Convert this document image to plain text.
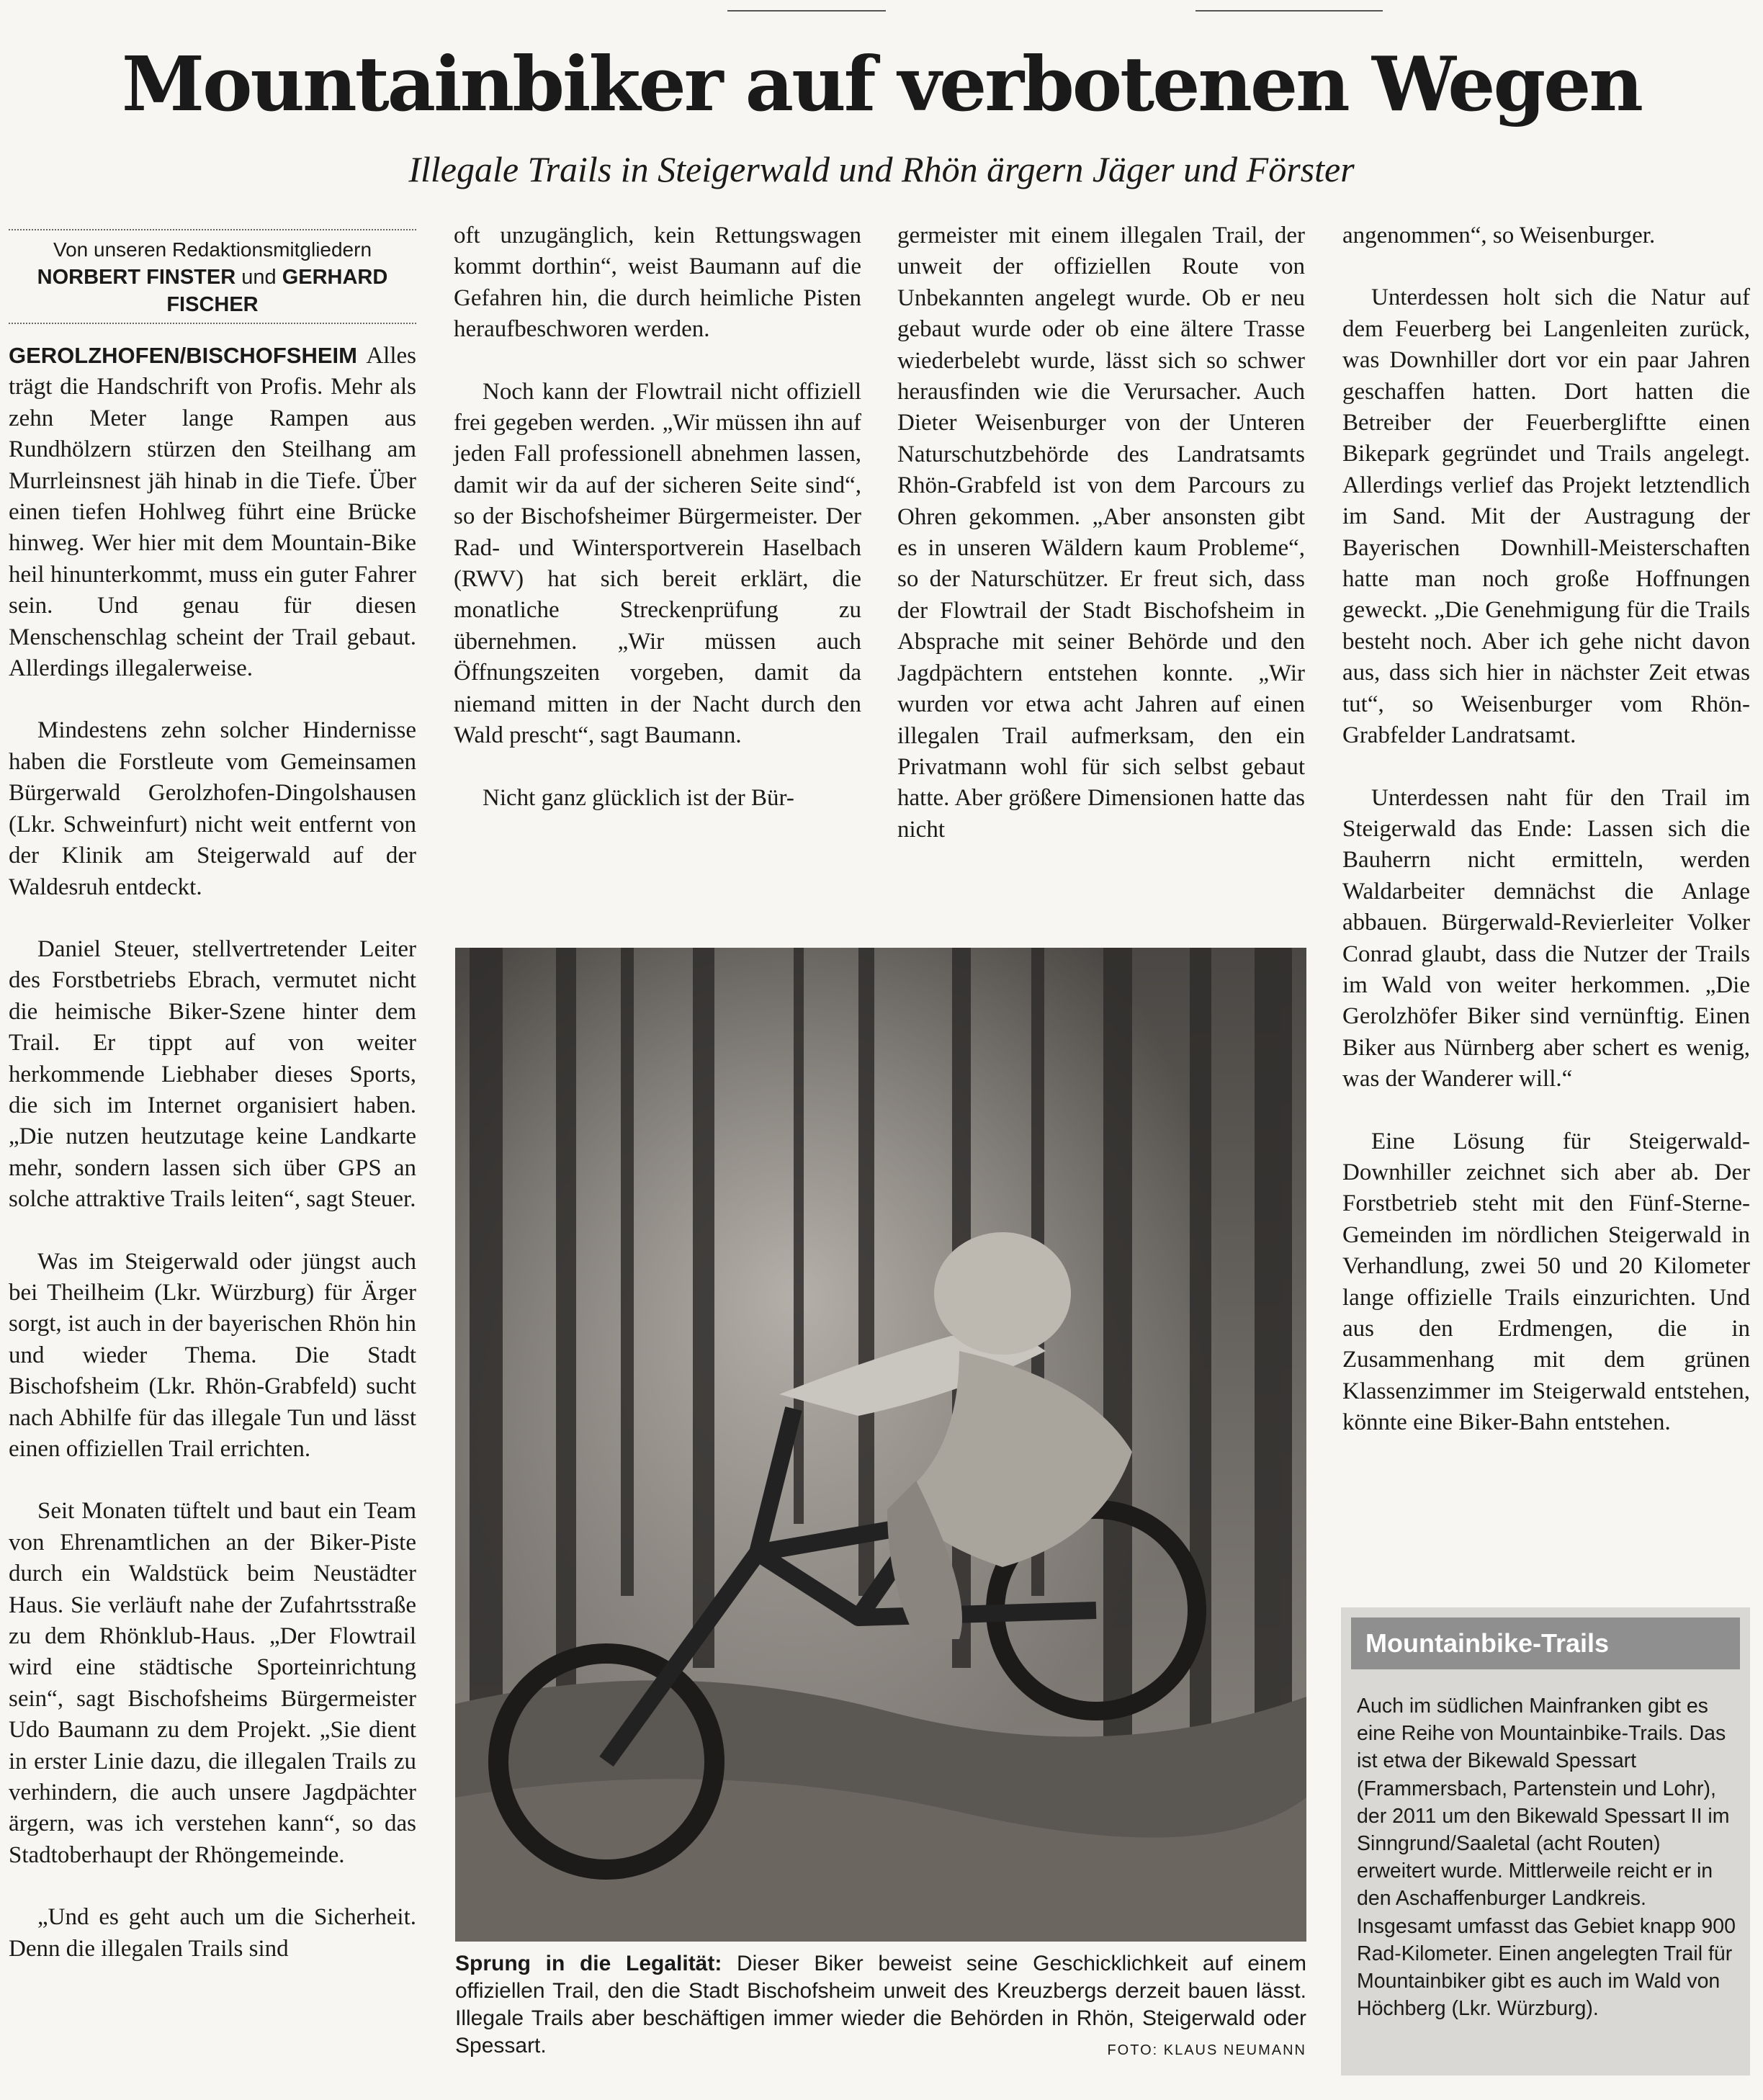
Mountainbiker auf verbotenen Wegen
Illegale Trails in Steigerwald und Rhön ärgern Jäger und Förster
Von unseren Redaktionsmitgliedern
NORBERT FINSTER und GERHARD FISCHER

GEROLZHOFEN/BISCHOFSHEIM Alles trägt die Handschrift von Profis. Mehr als zehn Meter lange Rampen aus Rundhölzern stürzen den Steilhang am Murrleinsnest jäh hinab in die Tiefe. Über einen tiefen Hohlweg führt eine Brücke hinweg. Wer hier mit dem Mountain-Bike heil hinunterkommt, muss ein guter Fahrer sein. Und genau für diesen Menschenschlag scheint der Trail gebaut. Allerdings illegalerweise.

Mindestens zehn solcher Hindernisse haben die Forstleute vom Gemeinsamen Bürgerwald Gerolzhofen-Dingolshausen (Lkr. Schweinfurt) nicht weit entfernt von der Klinik am Steigerwald auf der Waldesruh entdeckt.

Daniel Steuer, stellvertretender Leiter des Forstbetriebs Ebrach, vermutet nicht die heimische Biker-Szene hinter dem Trail. Er tippt auf von weiter herkommende Liebhaber dieses Sports, die sich im Internet organisiert haben. „Die nutzen heutzutage keine Landkarte mehr, sondern lassen sich über GPS an solche attraktive Trails leiten“, sagt Steuer.

Was im Steigerwald oder jüngst auch bei Theilheim (Lkr. Würzburg) für Ärger sorgt, ist auch in der bayerischen Rhön hin und wieder Thema. Die Stadt Bischofsheim (Lkr. Rhön-Grabfeld) sucht nach Abhilfe für das illegale Tun und lässt einen offiziellen Trail errichten.

Seit Monaten tüftelt und baut ein Team von Ehrenamtlichen an der Biker-Piste durch ein Waldstück beim Neustädter Haus. Sie verläuft nahe der Zufahrtsstraße zu dem Rhönklub-Haus. „Der Flowtrail wird eine städtische Sporteinrichtung sein“, sagt Bischofsheims Bürgermeister Udo Baumann zu dem Projekt. „Sie dient in erster Linie dazu, die illegalen Trails zu verhindern, die auch unsere Jagdpächter ärgern, was ich verstehen kann“, so das Stadtoberhaupt der Rhöngemeinde.

„Und es geht auch um die Sicherheit. Denn die illegalen Trails sind

oft unzugänglich, kein Rettungswagen kommt dorthin“, weist Baumann auf die Gefahren hin, die durch heimliche Pisten heraufbeschworen werden.

Noch kann der Flowtrail nicht offiziell frei gegeben werden. „Wir müssen ihn auf jeden Fall professionell abnehmen lassen, damit wir da auf der sicheren Seite sind“, so der Bischofsheimer Bürgermeister. Der Rad- und Wintersportverein Haselbach (RWV) hat sich bereit erklärt, die monatliche Streckenprüfung zu übernehmen. „Wir müssen auch Öffnungszeiten vorgeben, damit da niemand mitten in der Nacht durch den Wald prescht“, sagt Baumann.

Nicht ganz glücklich ist der Bür-

germeister mit einem illegalen Trail, der unweit der offiziellen Route von Unbekannten angelegt wurde. Ob er neu gebaut wurde oder ob eine ältere Trasse wiederbelebt wurde, lässt sich so schwer herausfinden wie die Verursacher. Auch Dieter Weisenburger von der Unteren Naturschutzbehörde des Landratsamts Rhön-Grabfeld ist von dem Parcours zu Ohren gekommen. „Aber ansonsten gibt es in unseren Wäldern kaum Probleme“, so der Naturschützer. Er freut sich, dass der Flowtrail der Stadt Bischofsheim in Absprache mit seiner Behörde und den Jagdpächtern entstehen konnte. „Wir wurden vor etwa acht Jahren auf einen illegalen Trail aufmerksam, den ein Privatmann wohl für sich selbst gebaut hatte. Aber größere Dimensionen hatte das nicht

angenommen“, so Weisenburger.

Unterdessen holt sich die Natur auf dem Feuerberg bei Langenleiten zurück, was Downhiller dort vor ein paar Jahren geschaffen hatten. Dort hatten die Betreiber der Feuerbergliftte einen Bikepark gegründet und Trails angelegt. Allerdings verlief das Projekt letztendlich im Sand. Mit der Austragung der Bayerischen Downhill-Meisterschaften hatte man noch große Hoffnungen geweckt. „Die Genehmigung für die Trails besteht noch. Aber ich gehe nicht davon aus, dass sich hier in nächster Zeit etwas tut“, so Weisenburger vom Rhön-Grabfelder Landratsamt.

Unterdessen naht für den Trail im Steigerwald das Ende: Lassen sich die Bauherrn nicht ermitteln, werden Waldarbeiter demnächst die Anlage abbauen. Bürgerwald-Revierleiter Volker Conrad glaubt, dass die Nutzer der Trails im Wald von weiter herkommen. „Die Gerolzhöfer Biker sind vernünftig. Einen Biker aus Nürnberg aber schert es wenig, was der Wanderer will.“

Eine Lösung für Steigerwald-Downhiller zeichnet sich aber ab. Der Forstbetrieb steht mit den Fünf-Sterne-Gemeinden im nördlichen Steigerwald in Verhandlung, zwei 50 und 20 Kilometer lange offizielle Trails einzurichten. Und aus den Erdmengen, die in Zusammenhang mit dem grünen Klassenzimmer im Steigerwald entstehen, könnte eine Biker-Bahn entstehen.

Sprung in die Legalität: Dieser Biker beweist seine Geschicklichkeit auf einem offiziellen Trail, den die Stadt Bischofsheim unweit des Kreuzbergs derzeit bauen lässt. Illegale Trails aber beschäftigen immer wieder die Behörden in Rhön, Steigerwald oder Spessart.	FOTO: KLAUS NEUMANN
Mountainbike-Trails
Auch im südlichen Mainfranken gibt es eine Reihe von Mountainbike-Trails. Das ist etwa der Bikewald Spessart (Frammersbach, Partenstein und Lohr), der 2011 um den Bikewald Spessart II im Sinngrund/Saaletal (acht Routen) erweitert wurde. Mittlerweile reicht er in den Aschaffenburger Landkreis. Insgesamt umfasst das Gebiet knapp 900 Rad-Kilometer. Einen angelegten Trail für Mountainbiker gibt es auch im Wald von Höchberg (Lkr. Würzburg).
